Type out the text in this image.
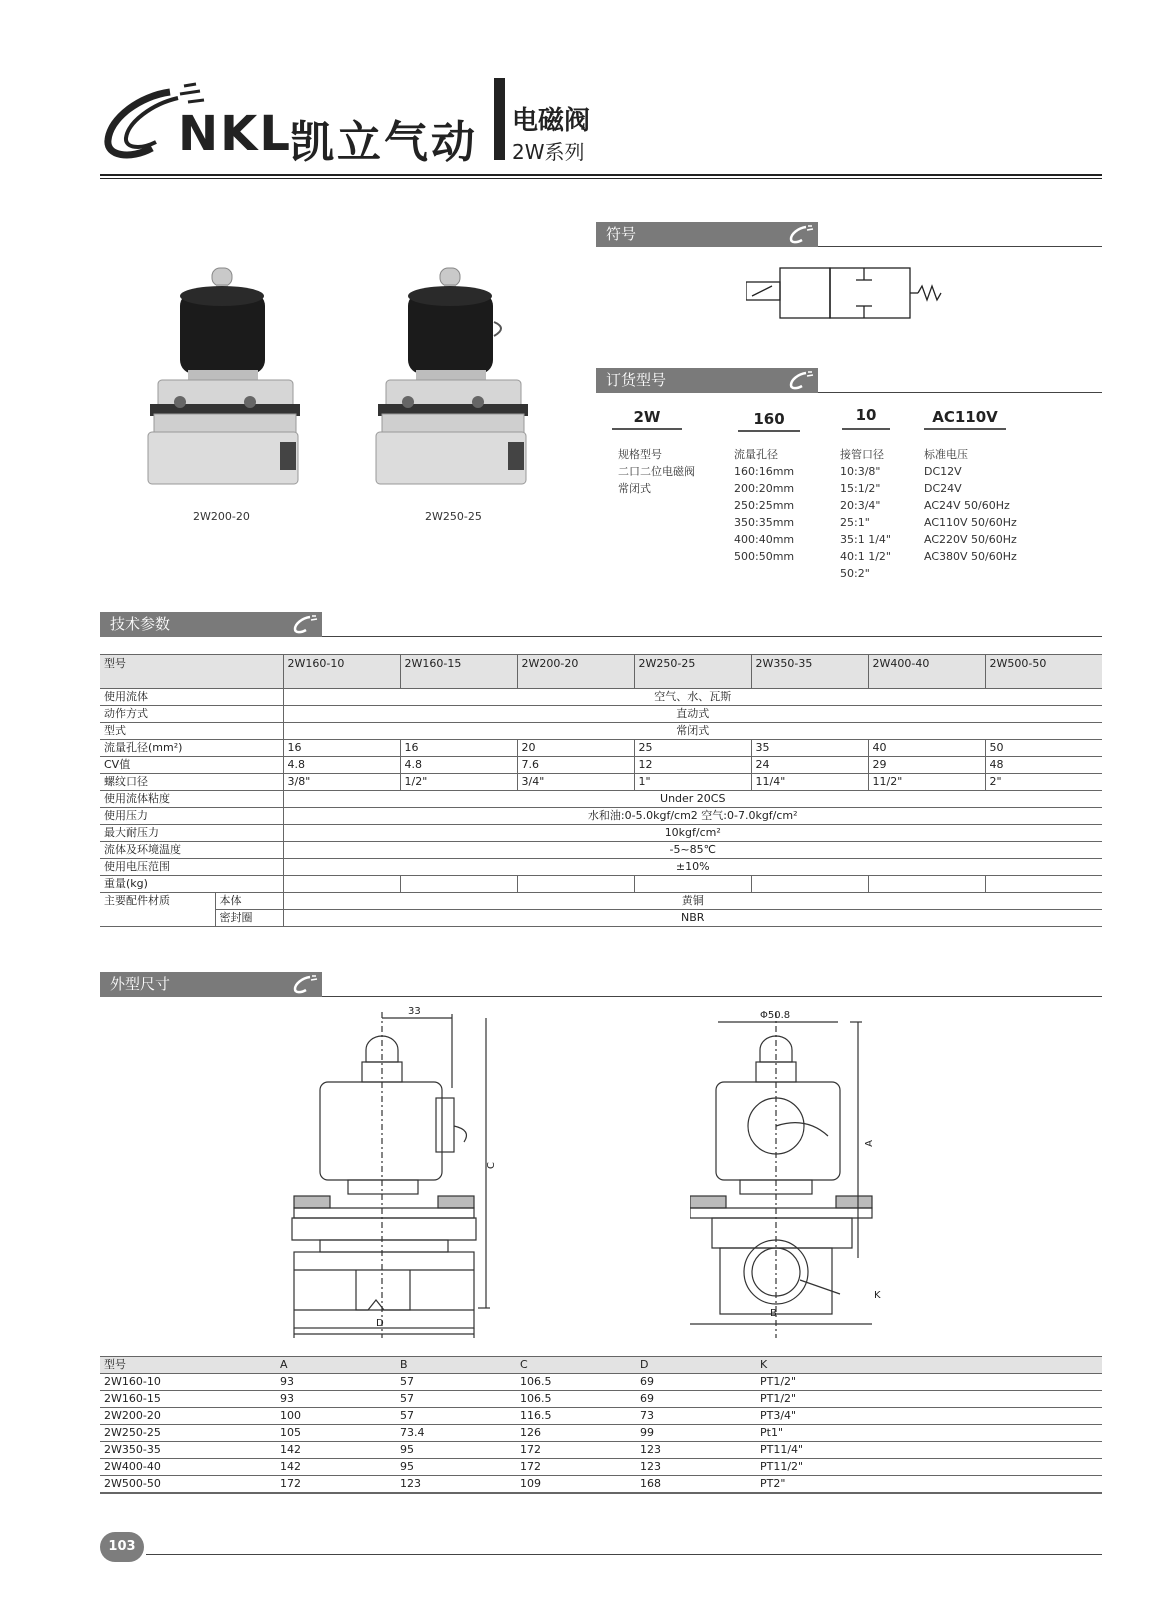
NKL
凯立气动 电磁阀
2W系列
2W200-20	2W250-25
符号
订货型号
2W	160	10	AC110V
规格型号
二口二位电磁阀
常闭式
流量孔径
160:16mm
200:20mm
250:25mm
350:35mm
400:40mm
500:50mm
接管口径
10:3/8"
15:1/2"
20:3/4"
25:1"
35:1 1/4"
40:1 1/2"
50:2"
标准电压
DC12V
DC24V
AC24V 50/60Hz
AC110V 50/60Hz
AC220V 50/60Hz
AC380V 50/60Hz
技术参数
型号		2W160-10	2W160-15	2W200-20	2W250-25	2W350-35	2W400-40	2W500-50
使用流体		空气、水、瓦斯						
动作方式		直动式						
型式		常闭式						
流量孔径(mm²)		16	16	20	25	35	40	50
CV值		4.8	4.8	7.6	12	24	29	48
螺纹口径		3/8"	1/2"	3/4"	1"	11/4"	11/2"	2"
使用流体粘度		Under 20CS						
使用压力		水和油:0-5.0kgf/cm2 空气:0-7.0kgf/cm²						
最大耐压力		10kgf/cm²						
流体及环境温度		-5~85℃						
使用电压范围		±10%						
重量(kg)								
主要配件材质	本体	黄铜						
	密封圈	NBR						
外型尺寸
33
C
D
Φ50.8
A
B
K
型号	A	B	C	D	K
2W160-10	93	57	106.5	69	PT1/2"
2W160-15	93	57	106.5	69	PT1/2"
2W200-20	100	57	116.5	73	PT3/4"
2W250-25	105	73.4	126	99	Pt1"
2W350-35	142	95	172	123	PT11/4"
2W400-40	142	95	172	123	PT11/2"
2W500-50	172	123	109	168	PT2"
103
